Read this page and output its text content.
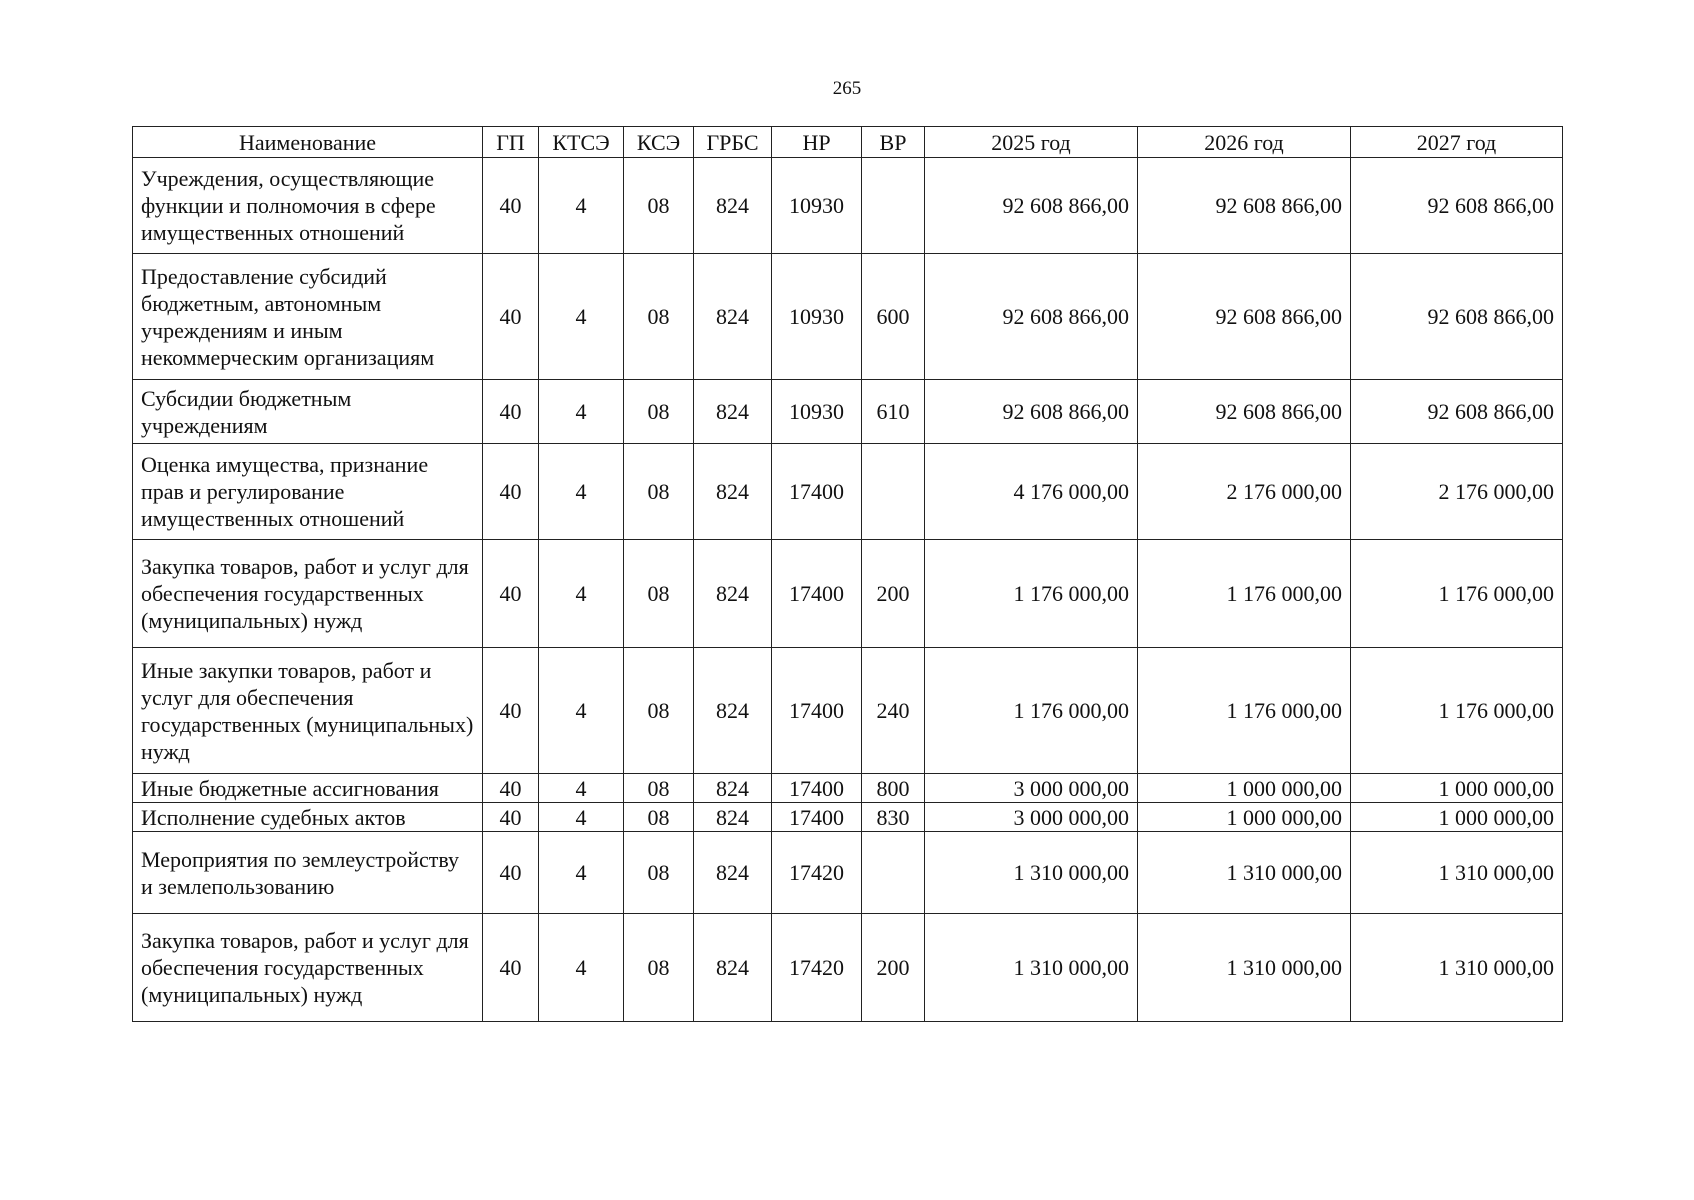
265
Наименование	ГП	КТСЭ	КСЭ	ГРБС	НР	ВР	2025 год	2026 год	2027 год
Учреждения, осуществляющие функции и полномочия в сфере имущественных отношений	40	4	08	824	10930		92 608 866,00	92 608 866,00	92 608 866,00
Предоставление субсидий бюджетным, автономным учреждениям и иным некоммерческим организациям	40	4	08	824	10930	600	92 608 866,00	92 608 866,00	92 608 866,00
Субсидии бюджетным учреждениям	40	4	08	824	10930	610	92 608 866,00	92 608 866,00	92 608 866,00
Оценка имущества, признание прав и регулирование имущественных отношений	40	4	08	824	17400		4 176 000,00	2 176 000,00	2 176 000,00
Закупка товаров, работ и услуг для обеспечения государственных (муниципальных) нужд	40	4	08	824	17400	200	1 176 000,00	1 176 000,00	1 176 000,00
Иные закупки товаров, работ и услуг для обеспечения государственных (муниципальных) нужд	40	4	08	824	17400	240	1 176 000,00	1 176 000,00	1 176 000,00
Иные бюджетные ассигнования	40	4	08	824	17400	800	3 000 000,00	1 000 000,00	1 000 000,00
Исполнение судебных актов	40	4	08	824	17400	830	3 000 000,00	1 000 000,00	1 000 000,00
Мероприятия по землеустройству и землепользованию	40	4	08	824	17420		1 310 000,00	1 310 000,00	1 310 000,00
Закупка товаров, работ и услуг для обеспечения государственных (муниципальных) нужд	40	4	08	824	17420	200	1 310 000,00	1 310 000,00	1 310 000,00
